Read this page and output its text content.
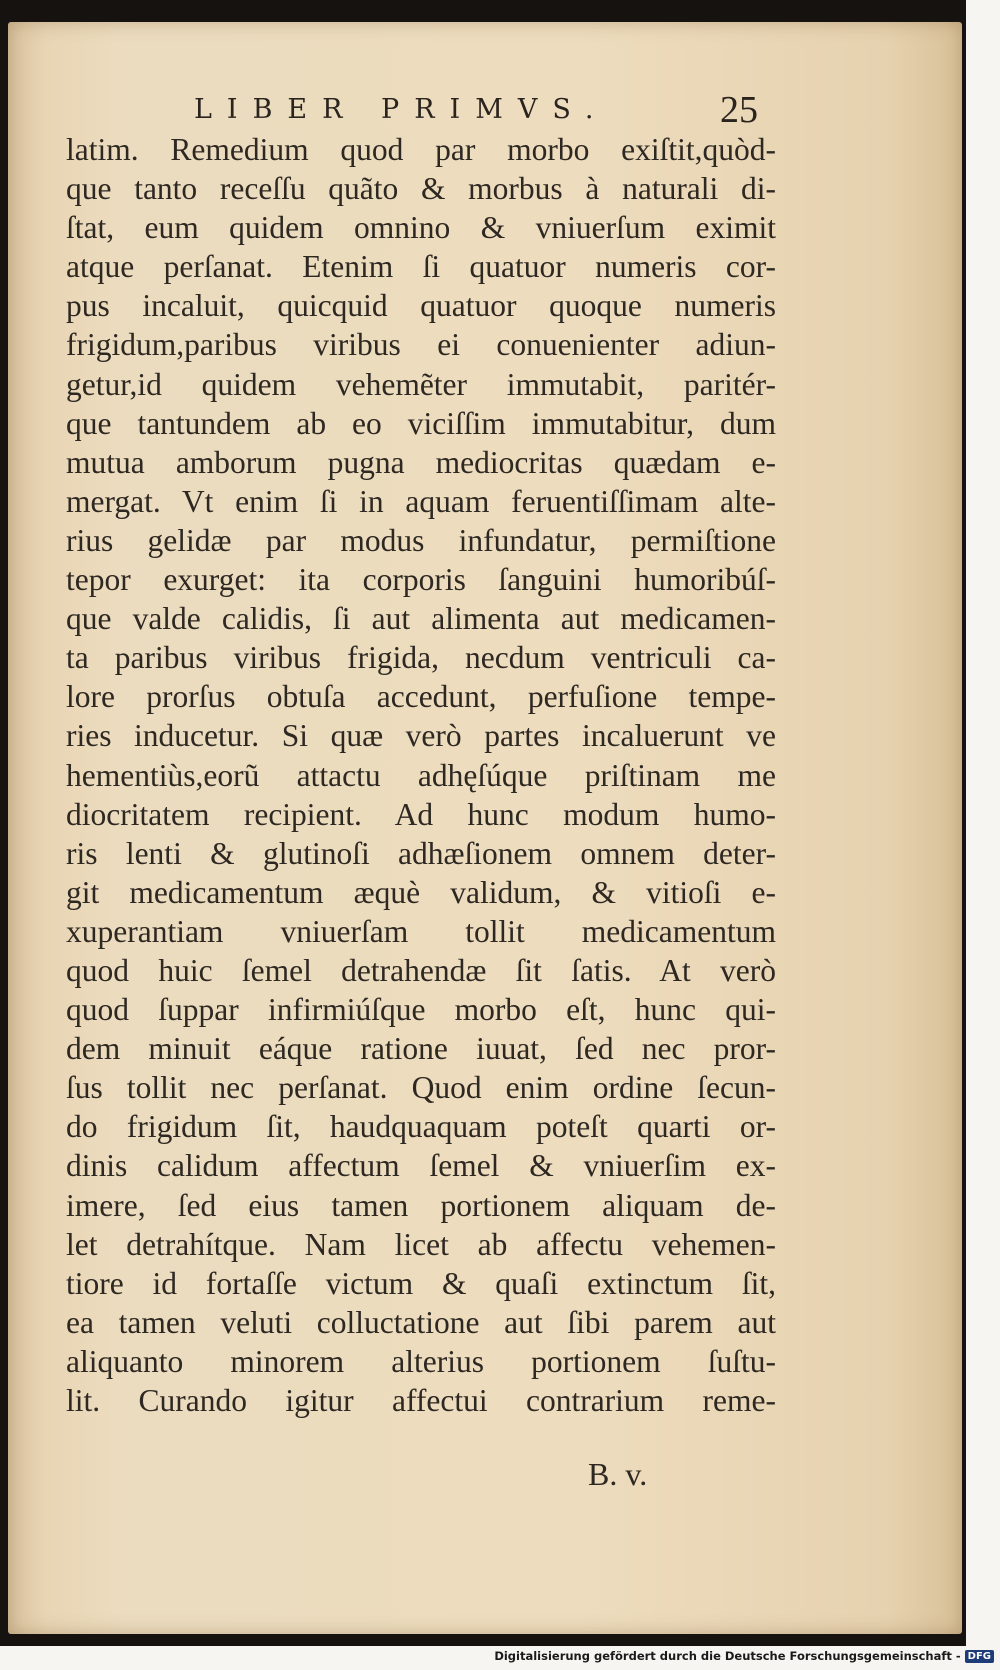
LIBER PRIMVS.	25
latim. Remedium quod par morbo exiſtit,quòd-
que tanto receſſu quãto & morbus à naturali di-
ſtat, eum quidem omnino & vniuerſum eximit
atque perſanat. Etenim ſi quatuor numeris cor-
pus incaluit, quicquid quatuor quoque numeris
frigidum,paribus viribus ei conuenienter adiun-
getur,id quidem vehemẽter immutabit, paritér-
que tantundem ab eo viciſſim immutabitur, dum
mutua amborum pugna mediocritas quædam e-
mergat. Vt enim ſi in aquam feruentiſſimam alte-
rius gelidæ par modus infundatur, permiſtione
tepor exurget: ita corporis ſanguini humoribúſ-
que valde calidis, ſi aut alimenta aut medicamen-
ta paribus viribus frigida, necdum ventriculi ca-
lore prorſus obtuſa accedunt, perfuſione tempe-
ries inducetur. Si quæ verò partes incaluerunt ve
hementiùs,eorũ attactu adhęſúque priſtinam me
diocritatem recipient. Ad hunc modum humo-
ris lenti & glutinoſi adhæſionem omnem deter-
git medicamentum æquè validum, & vitioſi e-
xuperantiam vniuerſam tollit medicamentum
quod huic ſemel detrahendæ ſit ſatis. At verò
quod ſuppar infirmiúſque morbo eſt, hunc qui-
dem minuit eáque ratione iuuat, ſed nec pror-
ſus tollit nec perſanat. Quod enim ordine ſecun-
do frigidum ſit, haudquaquam poteſt quarti or-
dinis calidum affectum ſemel & vniuerſim ex-
imere, ſed eius tamen portionem aliquam de-
let detrahítque. Nam licet ab affectu vehemen-
tiore id fortaſſe victum & quaſi extinctum ſit,
ea tamen veluti colluctatione aut ſibi parem aut
aliquanto minorem alterius portionem ſuſtu-
lit. Curando igitur affectui contrarium reme-
B. v.
Digitalisierung gefördert durch die Deutsche Forschungsgemeinschaft - DFG
